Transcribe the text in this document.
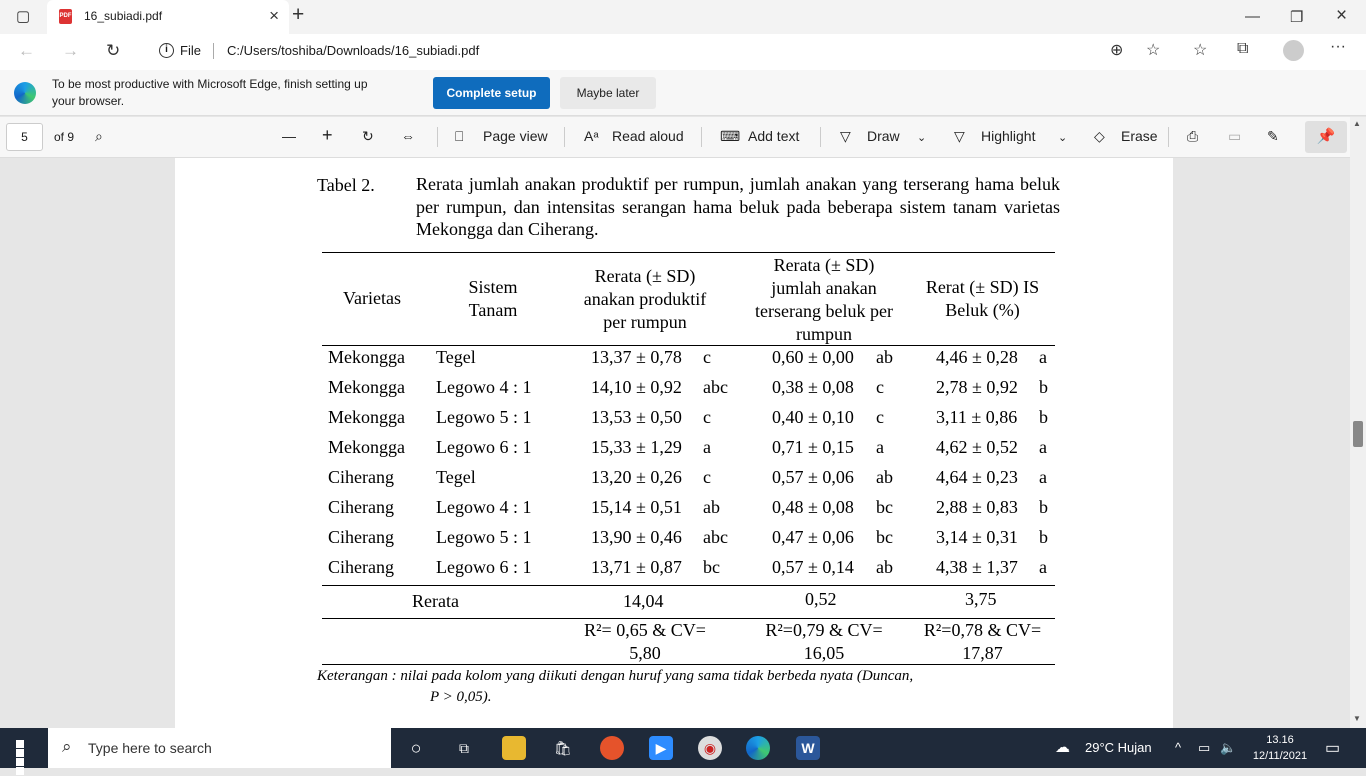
▢	PDF 16_subiadi.pdf	× +	— ❐ ×
← → ↻	i File C:/Users/toshiba/Downloads/16_subiadi.pdf	⊕ ☆ ☆ ⧉	···
To be most productive with Microsoft Edge, finish setting up
your browser.
Complete setup	Maybe later
5	of 9 ⌕	— + ↻ ⇔	⎕ Page view	Aᵃ Read aloud	⌨ Add text	▽ Draw ⌄ ▽ Highlight ⌄ ◇ Erase ⎙ ▭ ✎	📌
Tabel 2. Rerata jumlah anakan produktif per rumpun, jumlah anakan yang terserang hama beluk per rumpun, dan intensitas serangan hama beluk pada beberapa sistem tanam varietas Mekongga dan Ciherang.
Varietas
Sistem
Tanam
Rerata (± SD)
anakan produktif
per rumpun
Rerata (± SD)
jumlah anakan
terserang beluk per
rumpun
Rerat (± SD) IS
Beluk (%)
Mekongga Tegel	13,37 ± 0,78 c	0,60 ± 0,00 ab 4,46 ± 0,28 a
Mekongga Legowo 4 : 1	14,10 ± 0,92 abc 0,38 ± 0,08 c	2,78 ± 0,92 b
Mekongga Legowo 5 : 1	13,53 ± 0,50 c	0,40 ± 0,10 c	3,11 ± 0,86 b
Mekongga Legowo 6 : 1	15,33 ± 1,29 a	0,71 ± 0,15 a	4,62 ± 0,52 a
Ciherang Tegel	13,20 ± 0,26 c	0,57 ± 0,06 ab 4,64 ± 0,23 a
Ciherang Legowo 4 : 1	15,14 ± 0,51 ab	0,48 ± 0,08 bc 2,88 ± 0,83 b
Ciherang Legowo 5 : 1	13,90 ± 0,46 abc 0,47 ± 0,06 bc 3,14 ± 0,31 b
Ciherang Legowo 6 : 1	13,71 ± 0,87 bc	0,57 ± 0,14 ab 4,38 ± 1,37 a
Rerata	14,04	0,52	3,75
R²= 0,65 & CV=
5,80
R²=0,79 & CV=
16,05
R²=0,78 & CV=
17,87
Keterangan : nilai pada kolom yang diikuti dengan huruf yang sama tidak berbeda nyata (Duncan,
P > 0,05).
▲
▼
⌕ Type here to search	○	⧉	🛍	▶	◉	W	☁ 29°C Hujan ^ ▭ 🔈	13.16
12/11/2021	▭
